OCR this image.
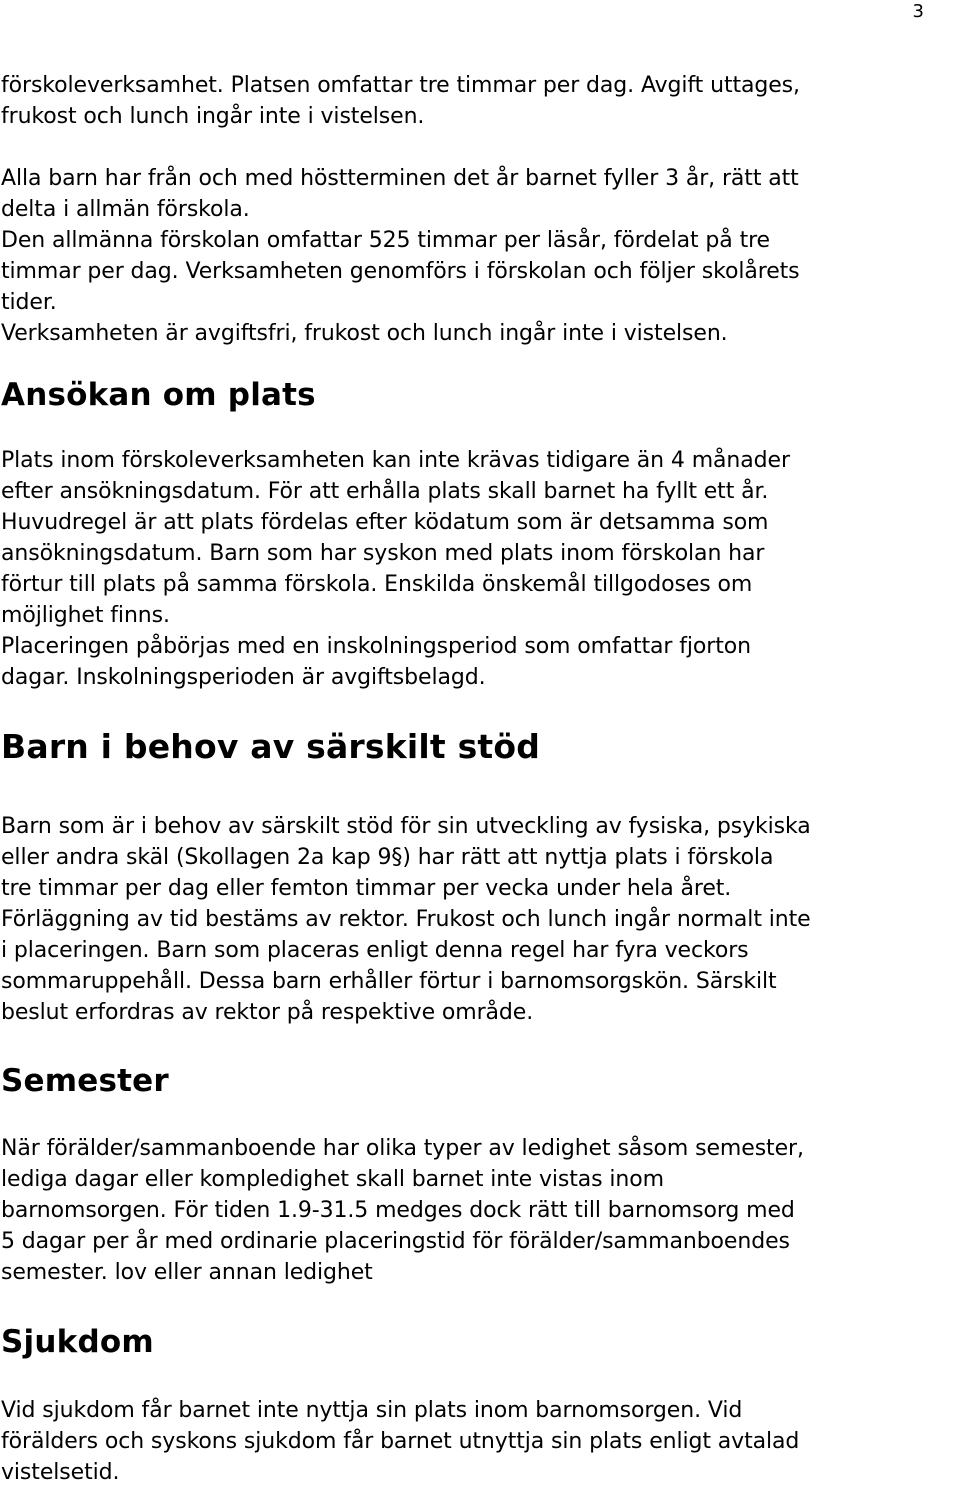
3

förskoleverksamhet. Platsen omfattar tre timmar per dag. Avgift uttages,

frukost och lunch ingår inte i vistelsen.

Alla barn har från och med höstterminen det år barnet fyller 3 år, rätt att

delta i allmän förskola.

Den allmänna förskolan omfattar 525 timmar per läsår, fördelat på tre

timmar per dag. Verksamheten genomförs i förskolan och följer skolårets

tider.

Verksamheten är avgiftsfri, frukost och lunch ingår inte i vistelsen.

Ansökan om plats

Plats inom förskoleverksamheten kan inte krävas tidigare än 4 månader

efter ansökningsdatum. För att erhålla plats skall barnet ha fyllt ett år.

Huvudregel är att plats fördelas efter ködatum som är detsamma som

ansökningsdatum. Barn som har syskon med plats inom förskolan har

förtur till plats på samma förskola. Enskilda önskemål tillgodoses om

möjlighet finns.

Placeringen påbörjas med en inskolningsperiod som omfattar fjorton

dagar. Inskolningsperioden är avgiftsbelagd.

Barn i behov av särskilt stöd

Barn som är i behov av särskilt stöd för sin utveckling av fysiska, psykiska

eller andra skäl (Skollagen 2a kap 9§) har rätt att nyttja plats i förskola

tre timmar per dag eller femton timmar per vecka under hela året.

Förläggning av tid bestäms av rektor. Frukost och lunch ingår normalt inte

i placeringen. Barn som placeras enligt denna regel har fyra veckors

sommaruppehåll. Dessa barn erhåller förtur i barnomsorgskön. Särskilt

beslut erfordras av rektor på respektive område.

Semester

När förälder/sammanboende har olika typer av ledighet såsom semester,

lediga dagar eller kompledighet skall barnet inte vistas inom

barnomsorgen. För tiden 1.9-31.5 medges dock rätt till barnomsorg med

5 dagar per år med ordinarie placeringstid för förälder/sammanboendes

semester. lov eller annan ledighet

Sjukdom

Vid sjukdom får barnet inte nyttja sin plats inom barnomsorgen. Vid

förälders och syskons sjukdom får barnet utnyttja sin plats enligt avtalad

vistelsetid.
